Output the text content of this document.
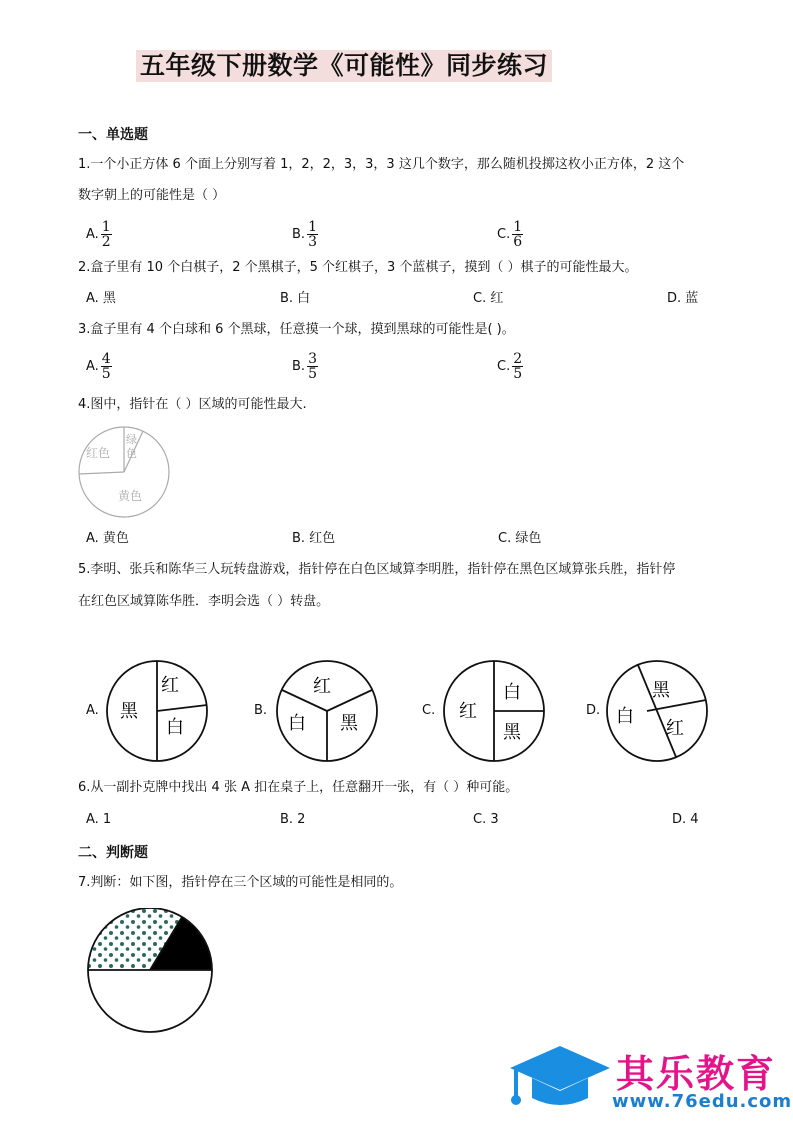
五年级下册数学《可能性》同步练习
一、单选题
1.一个小正方体 6 个面上分别写着 1，2，2，3，3，3 这几个数字，那么随机投掷这枚小正方体，2 这个
数字朝上的可能性是（ ）
A. $\frac{1}{2}$	B. $\frac{1}{3}$	C. $\frac{1}{6}$
2.盒子里有 10 个白棋子，2 个黑棋子，5 个红棋子，3 个蓝棋子，摸到（ ）棋子的可能性最大。
A. 黑	B. 白	C. 红	D. 蓝
3.盒子里有 4 个白球和 6 个黑球，任意摸一个球，摸到黑球的可能性是( )。
A. $\frac{4}{5}$	B. $\frac{3}{5}$	C. $\frac{2}{5}$
4.图中，指针在（ ）区域的可能性最大.
红色
绿
色
黄色
A. 黄色	B. 红色	C. 绿色
5.李明、张兵和陈华三人玩转盘游戏，指针停在白色区域算李明胜，指针停在黑色区域算张兵胜，指针停
在红色区域算陈华胜．李明会选（ ）转盘。
A. 黑
红
白
B.
红
白 黑
C. 红
白
黑
D. 白
黑
红
6.从一副扑克牌中找出 4 张 A 扣在桌子上，任意翻开一张，有（ ）种可能。
A. 1	B. 2	C. 3	D. 4
二、判断题
7.判断：如下图，指针停在三个区域的可能性是相同的。
其乐教育
www.76edu.com
